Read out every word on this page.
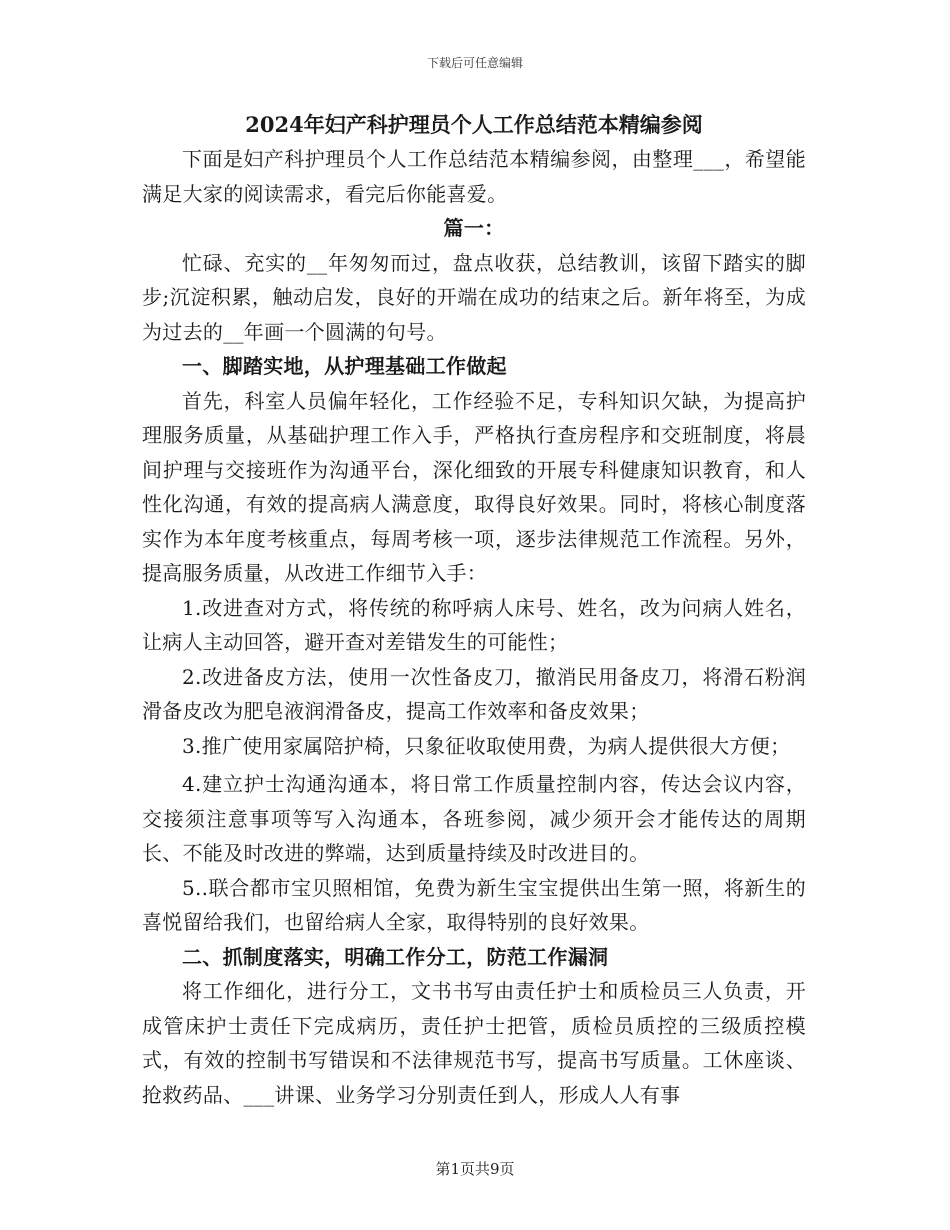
下载后可任意编辑
2024年妇产科护理员个人工作总结范本精编参阅

下面是妇产科护理员个人工作总结范本精编参阅，由整理___，希望能满足大家的阅读需求，看完后你能喜爱。

篇一：

忙碌、充实的__年匆匆而过，盘点收获，总结教训，该留下踏实的脚步;沉淀积累，触动启发，良好的开端在成功的结束之后。新年将至，为成为过去的__年画一个圆满的句号。

一、脚踏实地，从护理基础工作做起

首先，科室人员偏年轻化，工作经验不足，专科知识欠缺，为提高护理服务质量，从基础护理工作入手，严格执行查房程序和交班制度，将晨间护理与交接班作为沟通平台，深化细致的开展专科健康知识教育，和人性化沟通，有效的提高病人满意度，取得良好效果。同时，将核心制度落实作为本年度考核重点，每周考核一项，逐步法律规范工作流程。另外，提高服务质量，从改进工作细节入手：

1.改进查对方式，将传统的称呼病人床号、姓名，改为问病人姓名，让病人主动回答，避开查对差错发生的可能性；

2.改进备皮方法，使用一次性备皮刀，撤消民用备皮刀，将滑石粉润滑备皮改为肥皂液润滑备皮，提高工作效率和备皮效果；

3.推广使用家属陪护椅，只象征收取使用费，为病人提供很大方便；

4.建立护士沟通沟通本，将日常工作质量控制内容，传达会议内容，交接须注意事项等写入沟通本，各班参阅，减少须开会才能传达的周期长、不能及时改进的弊端，达到质量持续及时改进目的。

5..联合都市宝贝照相馆，免费为新生宝宝提供出生第一照，将新生的喜悦留给我们，也留给病人全家，取得特别的良好效果。

二、抓制度落实，明确工作分工，防范工作漏洞

将工作细化，进行分工，文书书写由责任护士和质检员三人负责，开成管床护士责任下完成病历，责任护士把管，质检员质控的三级质控模式，有效的控制书写错误和不法律规范书写，提高书写质量。工休座谈、抢救药品、___讲课、业务学习分别责任到人，形成人人有事

第1页共9页
